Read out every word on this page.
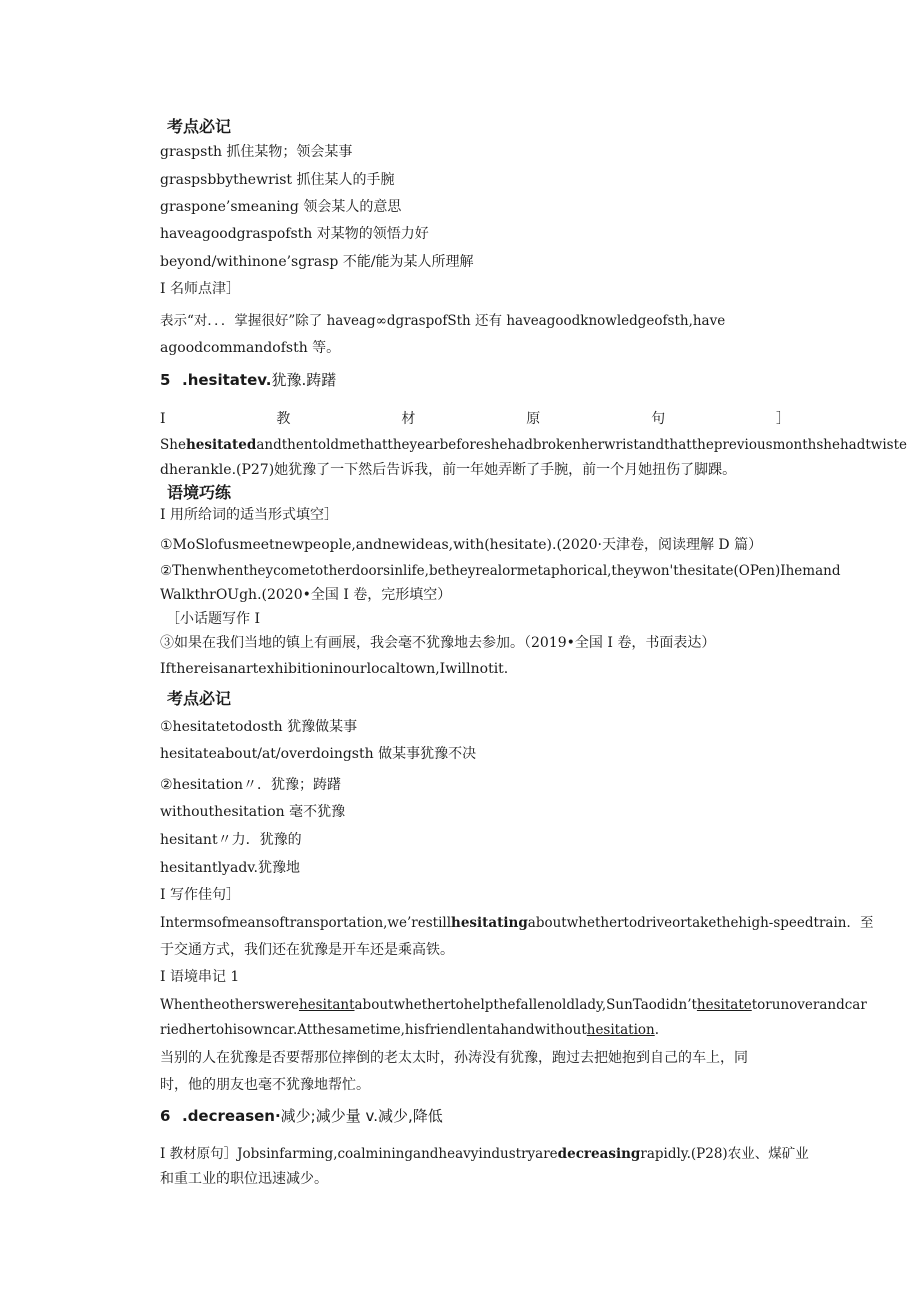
考点必记
graspsth 抓住某物；领会某事
graspsbbythewrist 抓住某人的手腕
graspone’smeaning 领会某人的意思
haveagoodgraspofsth 对某物的领悟力好
beyond/withinone’sgrasp 不能/能为某人所理解
I 名师点津］
表示“对．．．掌握很好”除了 haveag∞dgraspofSth 还有 haveagoodknowledgeofsth,have
agoodcommandofsth 等。
5 .hesitatev.犹豫.踌躇
I	教	材	原	句	］
Shehesitatedandthentoldmethattheyearbeforeshehadbrokenherwristandthatthepreviousmonthshehadtwiste
dherankle.(P27)她犹豫了一下然后告诉我，前一年她弄断了手腕，前一个月她扭伤了脚踝。
语境巧练
I 用所给词的适当形式填空］
①MoSlofusmeetnewpeople,andnewideas,with(hesitate).(2020·天津卷，阅读理解 D 篇）
②Thenwhentheycometotherdoorsinlife,betheyrealormetaphorical,theywon'thesitate(OPen)Ihemand
WalkthrOUgh.(2020•全国 I 卷，完形填空）
［小话题写作 I
③如果在我们当地的镇上有画展，我会毫不犹豫地去参加。（2019•全国 I 卷，书面表达）
Ifthereisanartexhibitioninourlocaltown,Iwillnotit.
考点必记
①hesitatetodosth 犹豫做某事
hesitateabout/at/overdoingsth 做某事犹豫不决
②hesitation〃．犹豫；踌躇
withouthesitation 毫不犹豫
hesitant〃力．犹豫的
hesitantlyadv.犹豫地
I 写作佳句］
Intermsofmeansoftransportation,we’restillhesitatingaboutwhethertodriveortakethehigh-speedtrain．至
于交通方式，我们还在犹豫是开车还是乘高铁。
I 语境串记 1
Whentheotherswerehesitantaboutwhethertohelpthefallenoldlady,SunTaodidn’thesitatetorunoverandcar
riedhertohisowncar.Atthesametime,hisfriendlentahandwithouthesitation.
当别的人在犹豫是否要帮那位摔倒的老太太时，孙涛没有犹豫，跑过去把她抱到自己的车上，同
时，他的朋友也毫不犹豫地帮忙。
6 .decreasen·减少;减少量 v.减少,降低
I 教材原句］Jobsinfarming,coalminingandheavyindustryaredecreasingrapidly.(P28)农业、煤矿业
和重工业的职位迅速减少。
